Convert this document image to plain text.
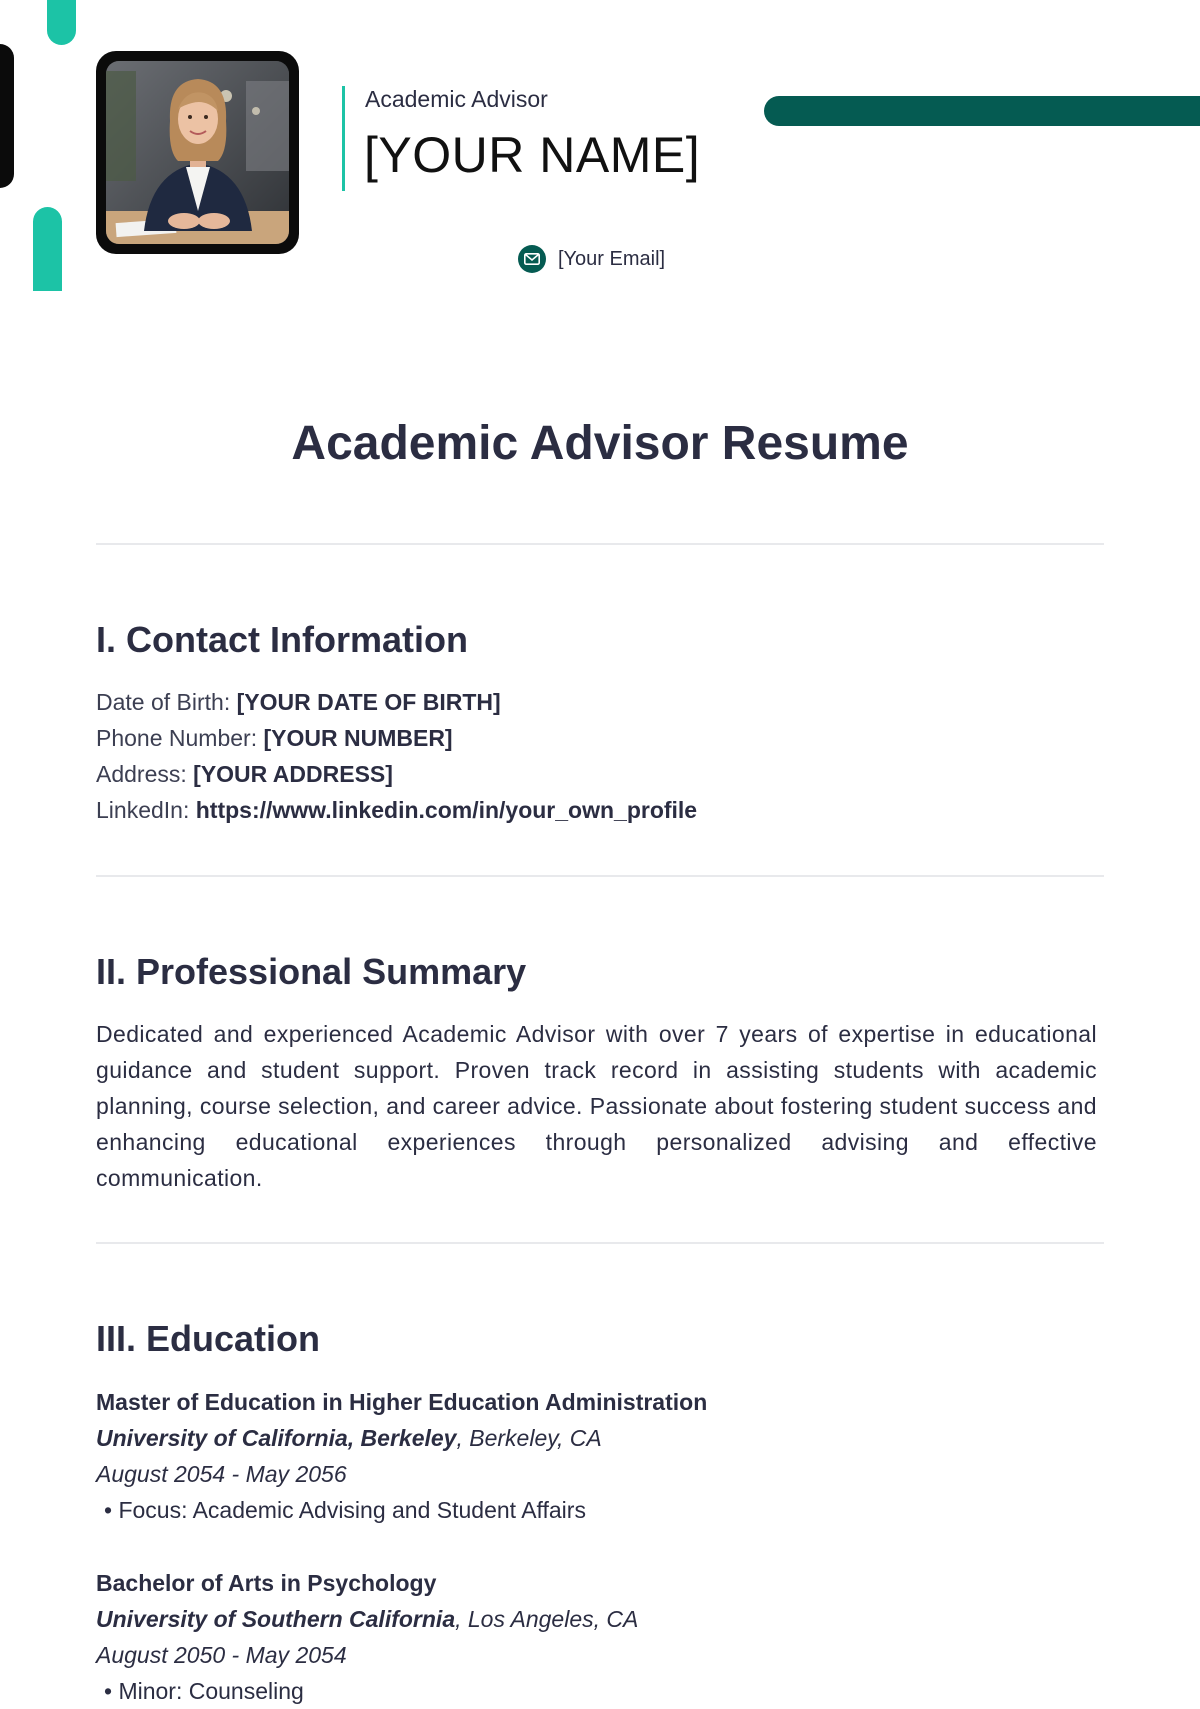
Academic Advisor
[YOUR NAME]
[Your Email]
Academic Advisor Resume
I. Contact Information
Date of Birth: [YOUR DATE OF BIRTH]
Phone Number: [YOUR NUMBER]
Address: [YOUR ADDRESS]
LinkedIn: https://www.linkedin.com/in/your_own_profile
II. Professional Summary

Dedicated and experienced Academic Advisor with over 7 years of expertise in educational guidance and student support. Proven track record in assisting students with academic planning, course selection, and career advice. Passionate about fostering student success and enhancing educational experiences through personalized advising and effective communication.

III. Education
Master of Education in Higher Education Administration
University of California, Berkeley, Berkeley, CA
August 2054 - May 2056
• Focus: Academic Advising and Student Affairs
Bachelor of Arts in Psychology
University of Southern California, Los Angeles, CA
August 2050 - May 2054
• Minor: Counseling
